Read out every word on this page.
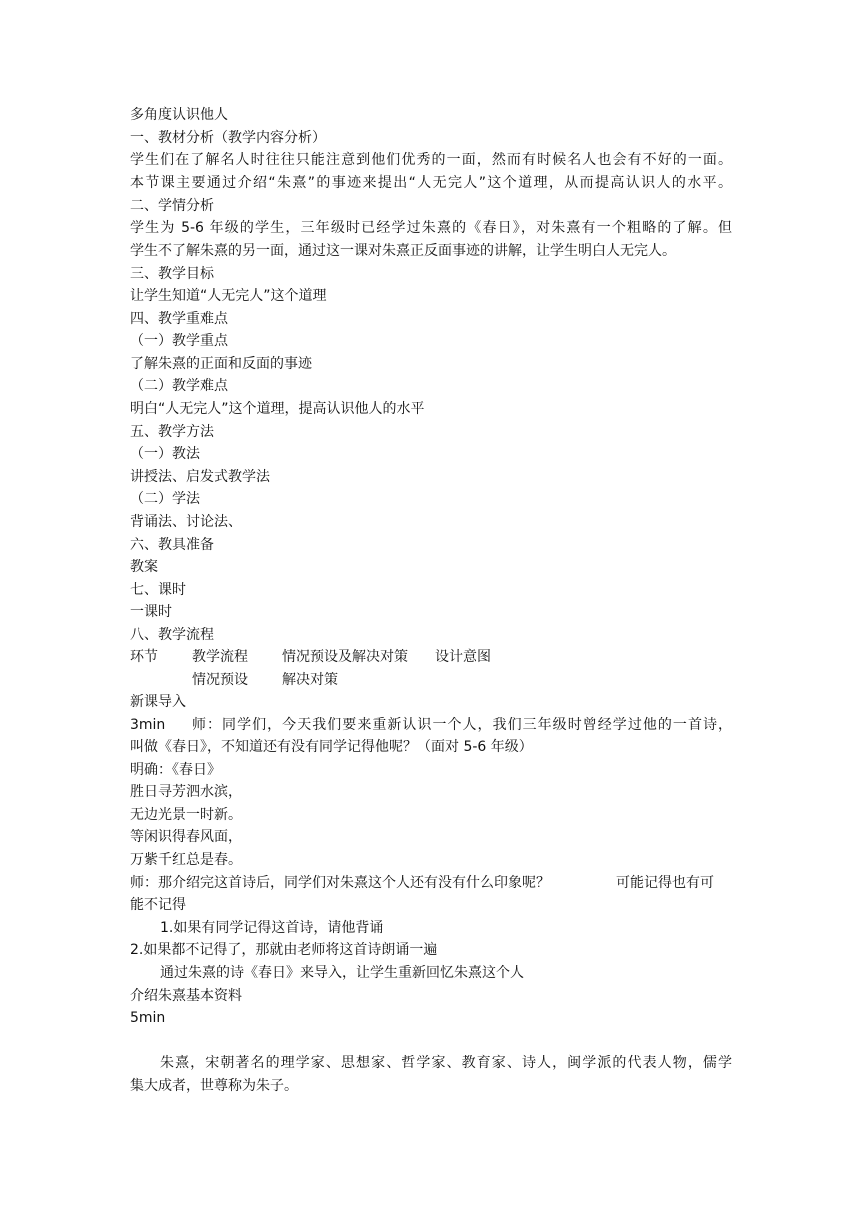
多角度认识他人

一、教材分析（教学内容分析）

学生们在了解名人时往往只能注意到他们优秀的一面，然而有时候名人也会有不好的一面。

本节课主要通过介绍“朱熹”的事迹来提出“人无完人”这个道理，从而提高认识人的水平。

二、学情分析

学生为 5-6 年级的学生，三年级时已经学过朱熹的《春日》，对朱熹有一个粗略的了解。但

学生不了解朱熹的另一面，通过这一课对朱熹正反面事迹的讲解，让学生明白人无完人。

三、教学目标

让学生知道“人无完人”这个道理

四、教学重难点

（一）教学重点

了解朱熹的正面和反面的事迹

（二）教学难点

明白“人无完人”这个道理，提高认识他人的水平

五、教学方法

（一）教法

讲授法、启发式教学法

（二）学法

背诵法、讨论法、

六、教具准备

教案

七、课时

一课时

八、教学流程

环节 教学流程 情况预设及解决对策 设计意图
情况预设 解决对策

新课导入

3min 师：同学们，今天我们要来重新认识一个人，我们三年级时曾经学过他的一首诗，

叫做《春日》，不知道还有没有同学记得他呢？（面对 5-6 年级）

明确：《春日》

胜日寻芳泗水滨，

无边光景一时新。

等闲识得春风面，

万紫千红总是春。

师：那介绍完这首诗后，同学们对朱熹这个人还有没有什么印象呢？	可能记得也有可

能不记得

1.如果有同学记得这首诗，请他背诵

2.如果都不记得了，那就由老师将这首诗朗诵一遍

通过朱熹的诗《春日》来导入，让学生重新回忆朱熹这个人

介绍朱熹基本资料

5min

朱熹，宋朝著名的理学家、思想家、哲学家、教育家、诗人，闽学派的代表人物，儒学

集大成者，世尊称为朱子。
